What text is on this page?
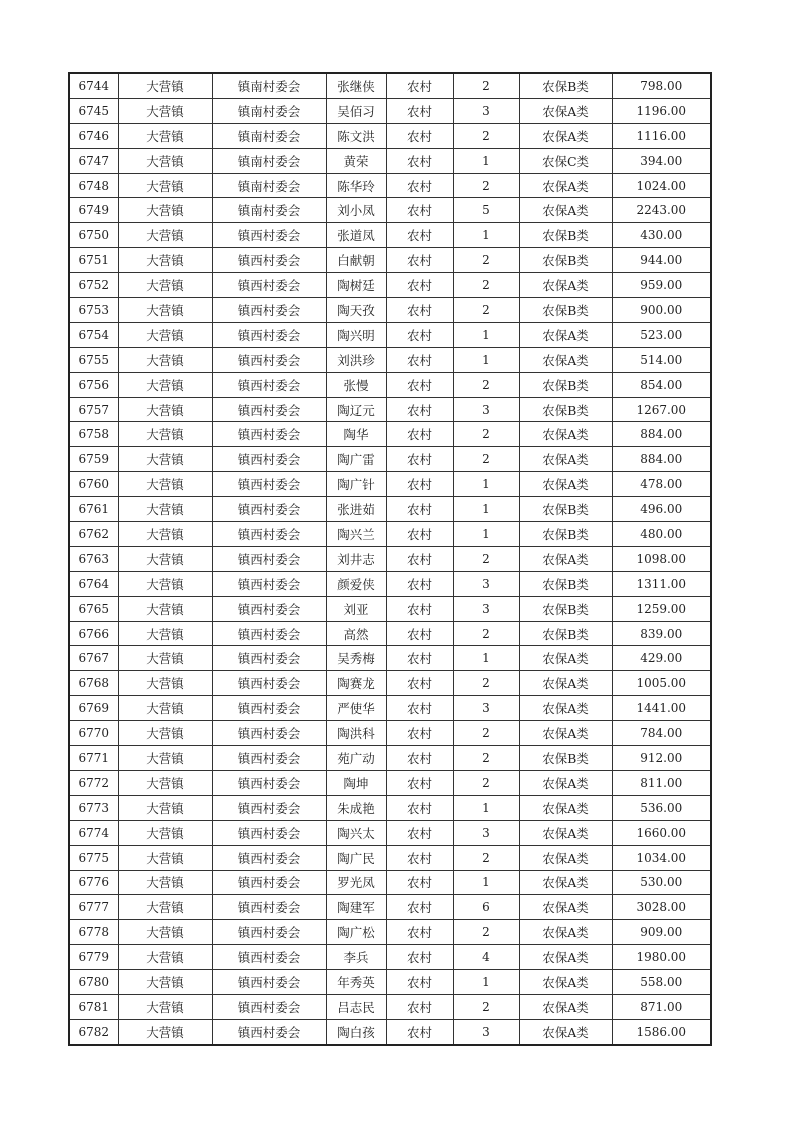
6744	大营镇	镇南村委会	张继侠	农村	2	农保B类	798.00
6745	大营镇	镇南村委会	吴佰习	农村	3	农保A类	1196.00
6746	大营镇	镇南村委会	陈文洪	农村	2	农保A类	1116.00
6747	大营镇	镇南村委会	黄荣	农村	1	农保C类	394.00
6748	大营镇	镇南村委会	陈华玲	农村	2	农保A类	1024.00
6749	大营镇	镇南村委会	刘小凤	农村	5	农保A类	2243.00
6750	大营镇	镇西村委会	张道凤	农村	1	农保B类	430.00
6751	大营镇	镇西村委会	白献朝	农村	2	农保B类	944.00
6752	大营镇	镇西村委会	陶树廷	农村	2	农保A类	959.00
6753	大营镇	镇西村委会	陶天孜	农村	2	农保B类	900.00
6754	大营镇	镇西村委会	陶兴明	农村	1	农保A类	523.00
6755	大营镇	镇西村委会	刘洪珍	农村	1	农保A类	514.00
6756	大营镇	镇西村委会	张慢	农村	2	农保B类	854.00
6757	大营镇	镇西村委会	陶辽元	农村	3	农保B类	1267.00
6758	大营镇	镇西村委会	陶华	农村	2	农保A类	884.00
6759	大营镇	镇西村委会	陶广雷	农村	2	农保A类	884.00
6760	大营镇	镇西村委会	陶广针	农村	1	农保A类	478.00
6761	大营镇	镇西村委会	张进茹	农村	1	农保B类	496.00
6762	大营镇	镇西村委会	陶兴兰	农村	1	农保B类	480.00
6763	大营镇	镇西村委会	刘井志	农村	2	农保A类	1098.00
6764	大营镇	镇西村委会	颜爱侠	农村	3	农保B类	1311.00
6765	大营镇	镇西村委会	刘亚	农村	3	农保B类	1259.00
6766	大营镇	镇西村委会	高然	农村	2	农保B类	839.00
6767	大营镇	镇西村委会	吴秀梅	农村	1	农保A类	429.00
6768	大营镇	镇西村委会	陶赛龙	农村	2	农保A类	1005.00
6769	大营镇	镇西村委会	严使华	农村	3	农保A类	1441.00
6770	大营镇	镇西村委会	陶洪科	农村	2	农保A类	784.00
6771	大营镇	镇西村委会	苑广动	农村	2	农保B类	912.00
6772	大营镇	镇西村委会	陶坤	农村	2	农保A类	811.00
6773	大营镇	镇西村委会	朱成艳	农村	1	农保A类	536.00
6774	大营镇	镇西村委会	陶兴太	农村	3	农保A类	1660.00
6775	大营镇	镇西村委会	陶广民	农村	2	农保A类	1034.00
6776	大营镇	镇西村委会	罗光凤	农村	1	农保A类	530.00
6777	大营镇	镇西村委会	陶建军	农村	6	农保A类	3028.00
6778	大营镇	镇西村委会	陶广松	农村	2	农保A类	909.00
6779	大营镇	镇西村委会	李兵	农村	4	农保A类	1980.00
6780	大营镇	镇西村委会	年秀英	农村	1	农保A类	558.00
6781	大营镇	镇西村委会	吕志民	农村	2	农保A类	871.00
6782	大营镇	镇西村委会	陶白孩	农村	3	农保A类	1586.00
